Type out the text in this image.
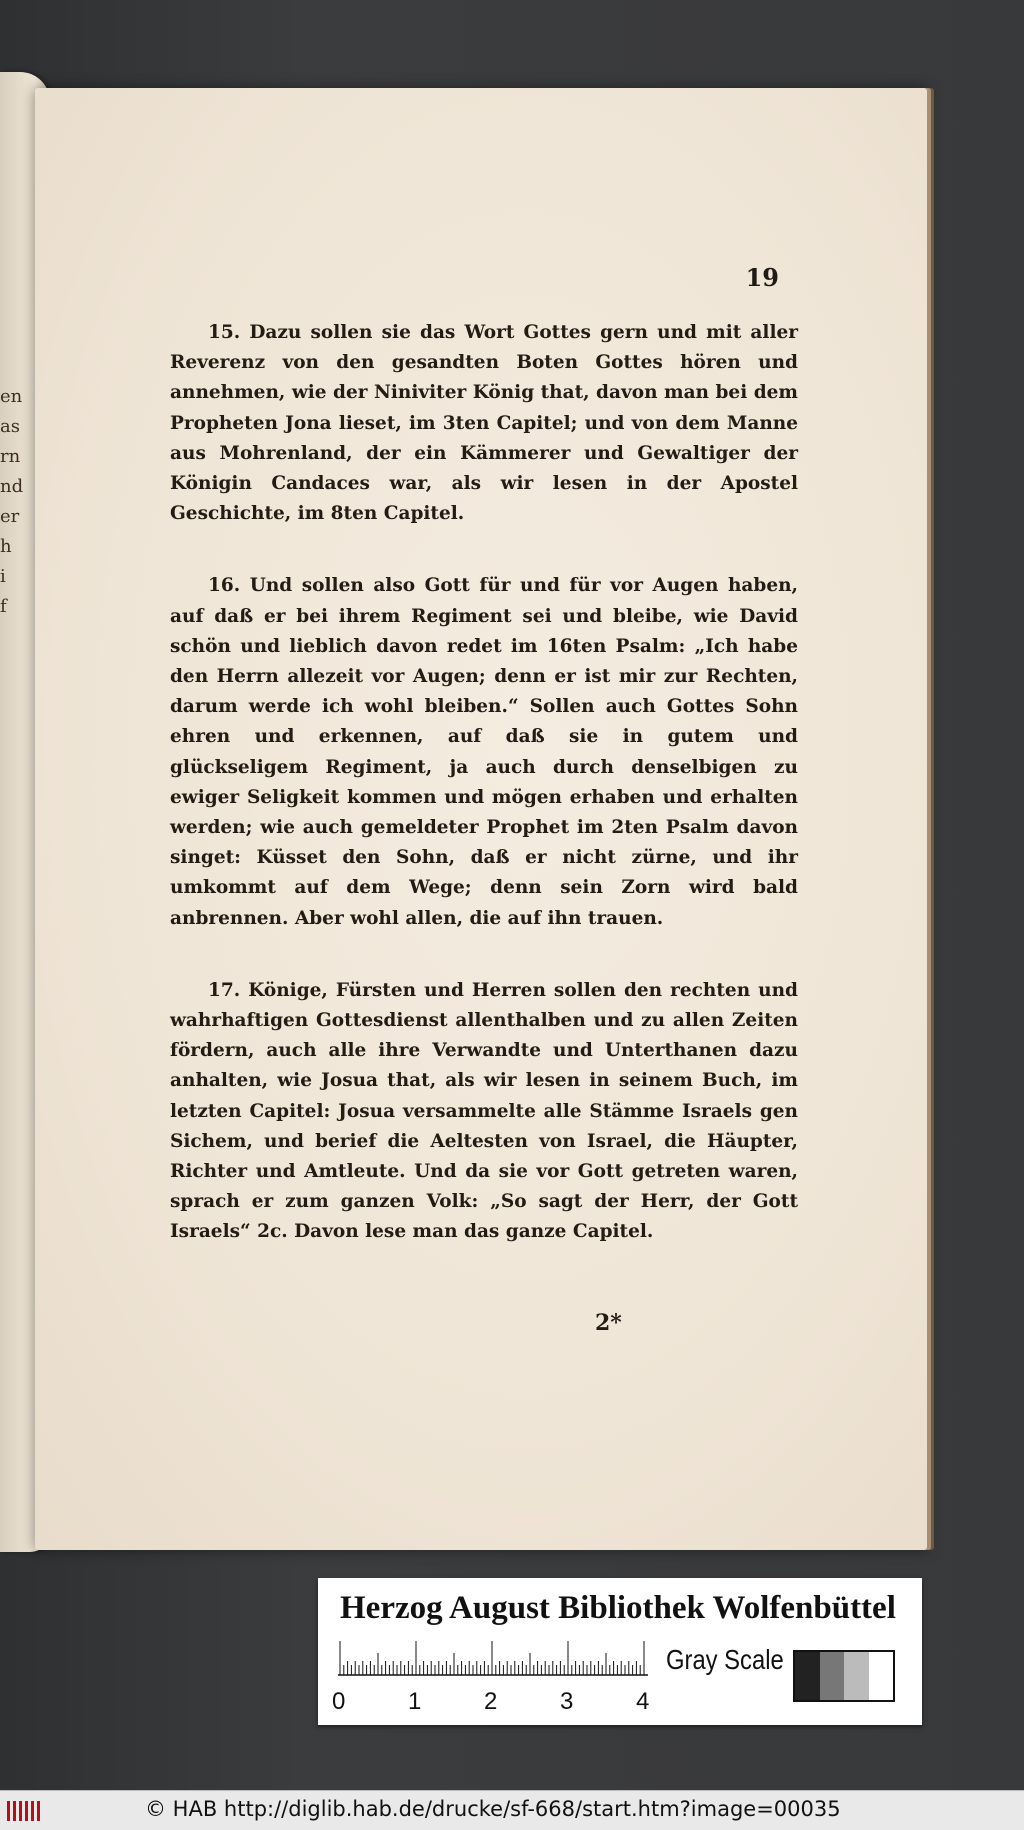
en
as
rn
nd
er
h
i
f
19

15. Dazu sollen sie das Wort Gottes gern und mit aller Reverenz von den gesandten Boten Gottes hören und annehmen, wie der Niniviter König that, davon man bei dem Propheten Jona lieset, im 3ten Capitel; und von dem Manne aus Mohrenland, der ein Kämmerer und Gewaltiger der Königin Candaces war, als wir lesen in der Apostel Geschichte, im 8ten Capitel.

16. Und sollen also Gott für und für vor Augen haben, auf daß er bei ihrem Regiment sei und bleibe, wie David schön und lieblich davon redet im 16ten Psalm: „Ich habe den Herrn allezeit vor Augen; denn er ist mir zur Rechten, darum werde ich wohl bleiben.“ Sollen auch Gottes Sohn ehren und erkennen, auf daß sie in gutem und glückseligem Regiment, ja auch durch denselbigen zu ewiger Seligkeit kommen und mögen erhaben und erhalten werden; wie auch gemeldeter Prophet im 2ten Psalm davon singet: Küsset den Sohn, daß er nicht zürne, und ihr umkommt auf dem Wege; denn sein Zorn wird bald anbrennen. Aber wohl allen, die auf ihn trauen.

17. Könige, Fürsten und Herren sollen den rechten und wahrhaftigen Gottesdienst allenthalben und zu allen Zeiten fördern, auch alle ihre Verwandte und Unterthanen dazu anhalten, wie Josua that, als wir lesen in seinem Buch, im letzten Capitel: Josua versammelte alle Stämme Israels gen Sichem, und berief die Aeltesten von Israel, die Häupter, Richter und Amtleute. Und da sie vor Gott getreten waren, sprach er zum ganzen Volk: „So sagt der Herr, der Gott Israels“ 2c. Davon lese man das ganze Capitel.

2*
Herzog August Bibliothek Wolfenbüttel
0	1	2	3	4
Gray Scale
© HAB http://diglib.hab.de/drucke/sf-668/start.htm?image=00035
